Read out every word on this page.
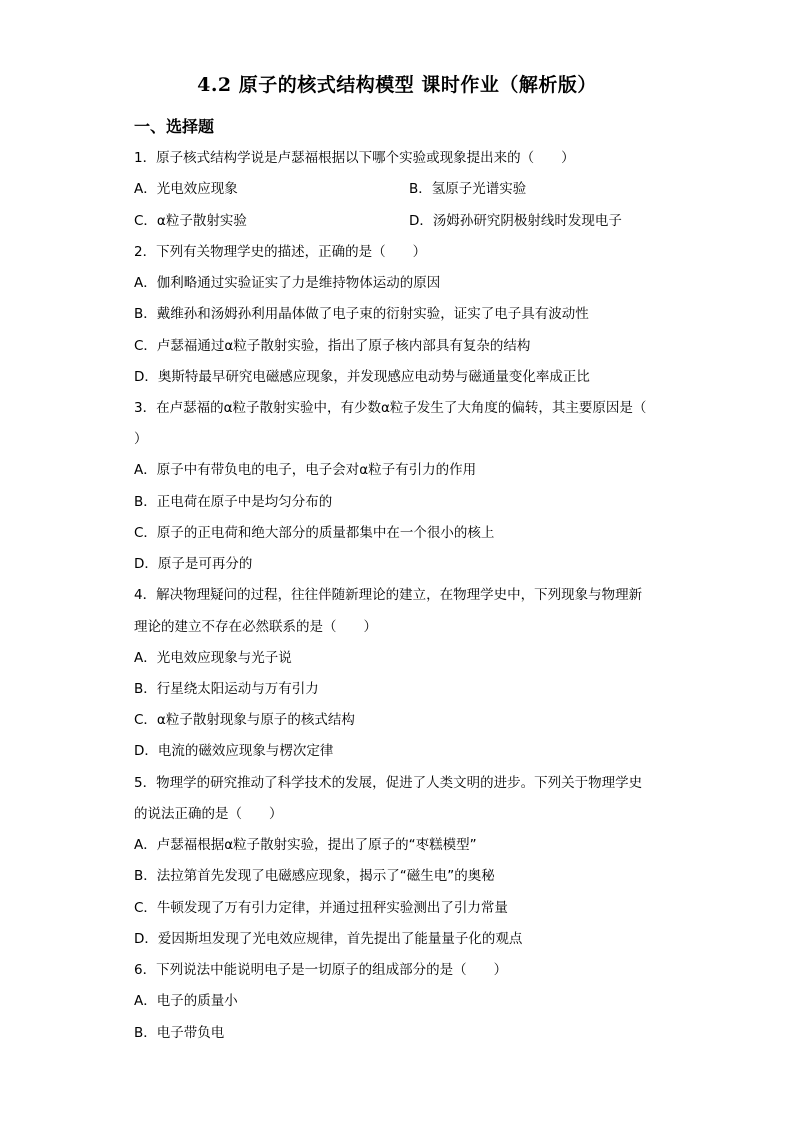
4.2 原子的核式结构模型 课时作业（解析版）
一、选择题
1．原子核式结构学说是卢瑟福根据以下哪个实验或现象提出来的（　　）
A．光电效应现象	B．氢原子光谱实验
C．α粒子散射实验	D．汤姆孙研究阴极射线时发现电子
2．下列有关物理学史的描述，正确的是（　　）
A．伽利略通过实验证实了力是维持物体运动的原因
B．戴维孙和汤姆孙利用晶体做了电子束的衍射实验，证实了电子具有波动性
C．卢瑟福通过α粒子散射实验，指出了原子核内部具有复杂的结构
D．奥斯特最早研究电磁感应现象，并发现感应电动势与磁通量变化率成正比
3．在卢瑟福的α粒子散射实验中，有少数α粒子发生了大角度的偏转，其主要原因是（
）
A．原子中有带负电的电子，电子会对α粒子有引力的作用
B．正电荷在原子中是均匀分布的
C．原子的正电荷和绝大部分的质量都集中在一个很小的核上
D．原子是可再分的
4．解决物理疑问的过程，往往伴随新理论的建立，在物理学史中，下列现象与物理新
理论的建立不存在必然联系的是（　　）
A．光电效应现象与光子说
B．行星绕太阳运动与万有引力
C．α粒子散射现象与原子的核式结构
D．电流的磁效应现象与楞次定律
5．物理学的研究推动了科学技术的发展，促进了人类文明的进步。下列关于物理学史
的说法正确的是（　　）
A．卢瑟福根据α粒子散射实验，提出了原子的“枣糕模型”
B．法拉第首先发现了电磁感应现象，揭示了“磁生电”的奥秘
C．牛顿发现了万有引力定律，并通过扭秤实验测出了引力常量
D．爱因斯坦发现了光电效应规律，首先提出了能量量子化的观点
6．下列说法中能说明电子是一切原子的组成部分的是（　　）
A．电子的质量小
B．电子带负电
